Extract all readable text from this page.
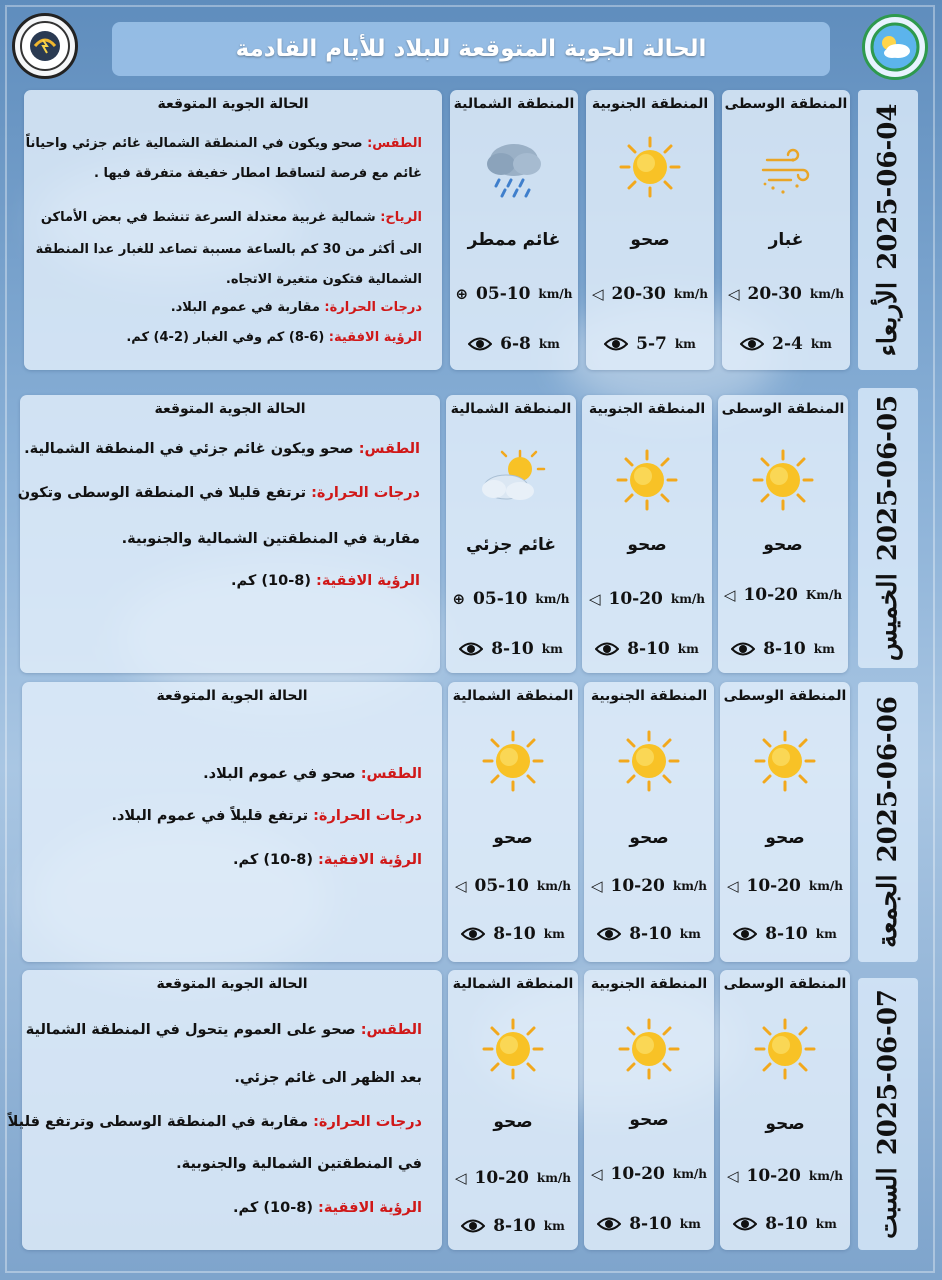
الحالة الجوية المتوقعة للبلاد للأيام القادمة
2025-06-04
الأربعاء
الحالة الجوية المتوقعة
الطقس: صحو ويكون في المنطقة الشمالية غائم جزئي واحياناً
غائم مع فرصة لتساقط امطار خفيفة متفرقة فيها .
الرياح: شمالية غربية معتدلة السرعة تنشط في بعض الأماكن
الى أكثر من 30 كم بالساعة مسببة تصاعد للغبار عدا المنطقة
الشمالية فتكون متغيرة الاتجاه.
درجات الحرارة: مقاربة في عموم البلاد.
الرؤية الافقية: (6-8) كم وفي الغبار (2-4) كم.
المنطقة الوسطى
غبار
◁ 20-30 km/h
2-4 km
المنطقة الجنوبية
صحو
◁ 20-30 km/h
5-7 km
المنطقة الشمالية
غائم ممطر
⊕ 05-10 km/h
6-8 km
2025-06-05
الخميس
الحالة الجوية المتوقعة
الطقس: صحو ويكون غائم جزئي في المنطقة الشمالية.
درجات الحرارة: ترتفع قليلا في المنطقة الوسطى وتكون
مقاربة في المنطقتين الشمالية والجنوبية.
الرؤية الافقية: (8-10) كم.
المنطقة الوسطى
صحو
◁ 10-20 Km/h
8-10 km
المنطقة الجنوبية
صحو
◁ 10-20 km/h
8-10 km
المنطقة الشمالية
غائم جزئي
⊕ 05-10 km/h
8-10 km
2025-06-06
الجمعة
الحالة الجوية المتوقعة
الطقس: صحو في عموم البلاد.
درجات الحرارة: ترتفع قليلاً في عموم البلاد.
الرؤية الافقية: (8-10) كم.
المنطقة الوسطى
صحو
◁ 10-20 km/h
8-10 km
المنطقة الجنوبية
صحو
◁ 10-20 km/h
8-10 km
المنطقة الشمالية
صحو
◁ 05-10 km/h
8-10 km
2025-06-07
السبت
الحالة الجوية المتوقعة
الطقس: صحو على العموم يتحول في المنطقة الشمالية
بعد الظهر الى غائم جزئي.
درجات الحرارة: مقاربة في المنطقة الوسطى وترتفع قليلاً
في المنطقتين الشمالية والجنوبية.
الرؤية الافقية: (8-10) كم.
المنطقة الوسطى
صحو
◁ 10-20 km/h
8-10 km
المنطقة الجنوبية
صحو
◁ 10-20 km/h
8-10 km
المنطقة الشمالية
صحو
◁ 10-20 km/h
8-10 km
